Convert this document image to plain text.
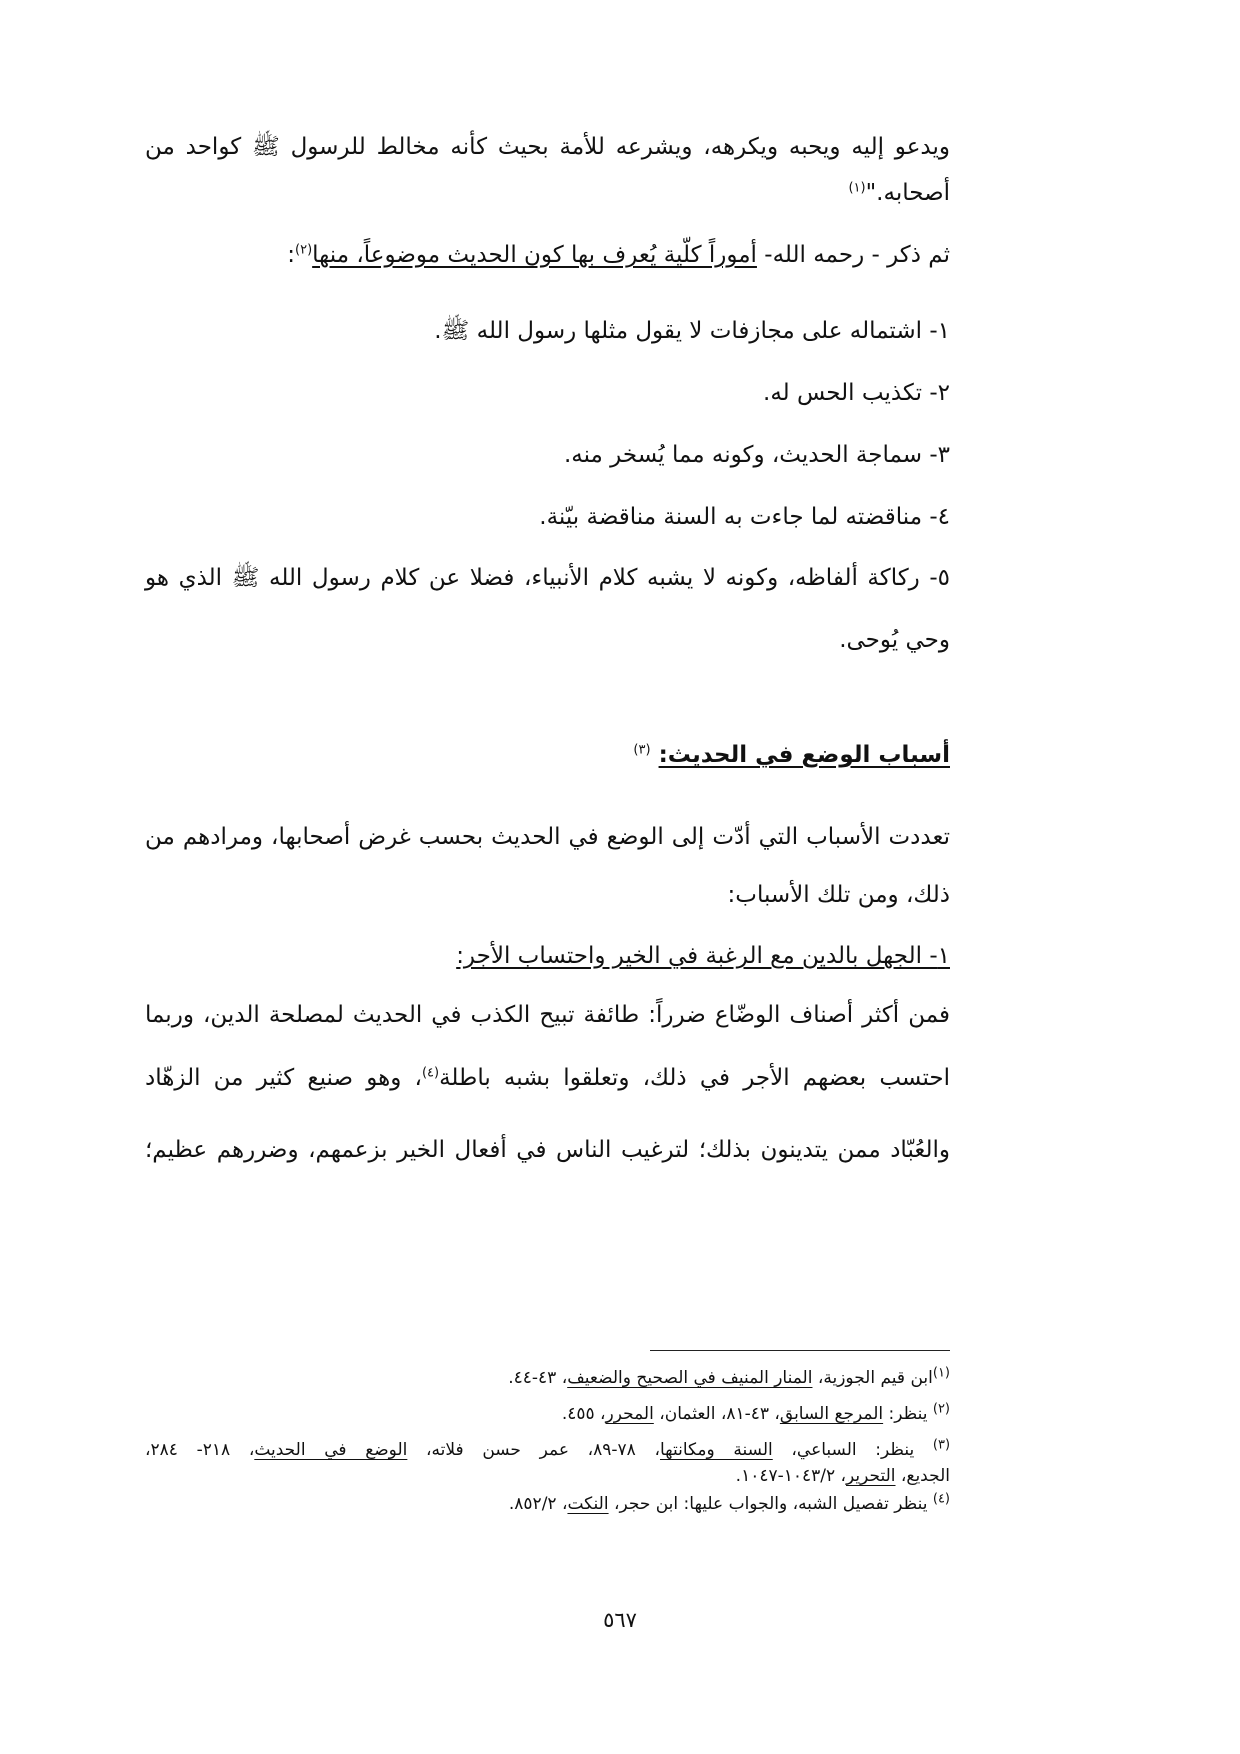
ويدعو إليه ويحبه ويكرهه، ويشرعه للأمة بحيث كأنه مخالط للرسول ﷺ كواحد من
أصحابه."$^{(١)}$
ثم ذكر - رحمه الله- أموراً كلّية يُعرف بها كون الحديث موضوعاً، منها$^{(٢)}$:
١- اشتماله على مجازفات لا يقول مثلها رسول الله ﷺ.
٢- تكذيب الحس له.
٣- سماجة الحديث، وكونه مما يُسخر منه.
٤- مناقضته لما جاءت به السنة مناقضة بيّنة.
٥- ركاكة ألفاظه، وكونه لا يشبه كلام الأنبياء، فضلا عن كلام رسول الله ﷺ الذي هو
وحي يُوحى.
أسباب الوضع في الحديث: $^{(٣)}$
تعددت الأسباب التي أدّت إلى الوضع في الحديث بحسب غرض أصحابها، ومرادهم من
ذلك، ومن تلك الأسباب:
١- الجهل بالدين مع الرغبة في الخير واحتساب الأجر:
فمن أكثر أصناف الوضّاع ضرراً: طائفة تبيح الكذب في الحديث لمصلحة الدين، وربما
احتسب بعضهم الأجر في ذلك، وتعلقوا بشبه باطلة$^{(٤)}$، وهو صنيع كثير من الزهّاد
والعُبّاد ممن يتدينون بذلك؛ لترغيب الناس في أفعال الخير بزعمهم، وضررهم عظيم؛
$^{(١)}$ابن قيم الجوزية، المنار المنيف في الصحيح والضعيف، ٤٣-٤٤.
$^{(٢)}$ ينظر: المرجع السابق، ٤٣-٨١، العثمان، المحرر، ٤٥٥.
$^{(٣)}$ ينظر: السباعي، السنة ومكانتها، ٧٨-٨٩، عمر حسن فلاته، الوضع في الحديث، ٢١٨- ٢٨٤،
الجديع، التحرير، ١٠٤٣/٢-١٠٤٧.
$^{(٤)}$ ينظر تفصيل الشبه، والجواب عليها: ابن حجر، النكت، ٨٥٢/٢.
٥٦٧
